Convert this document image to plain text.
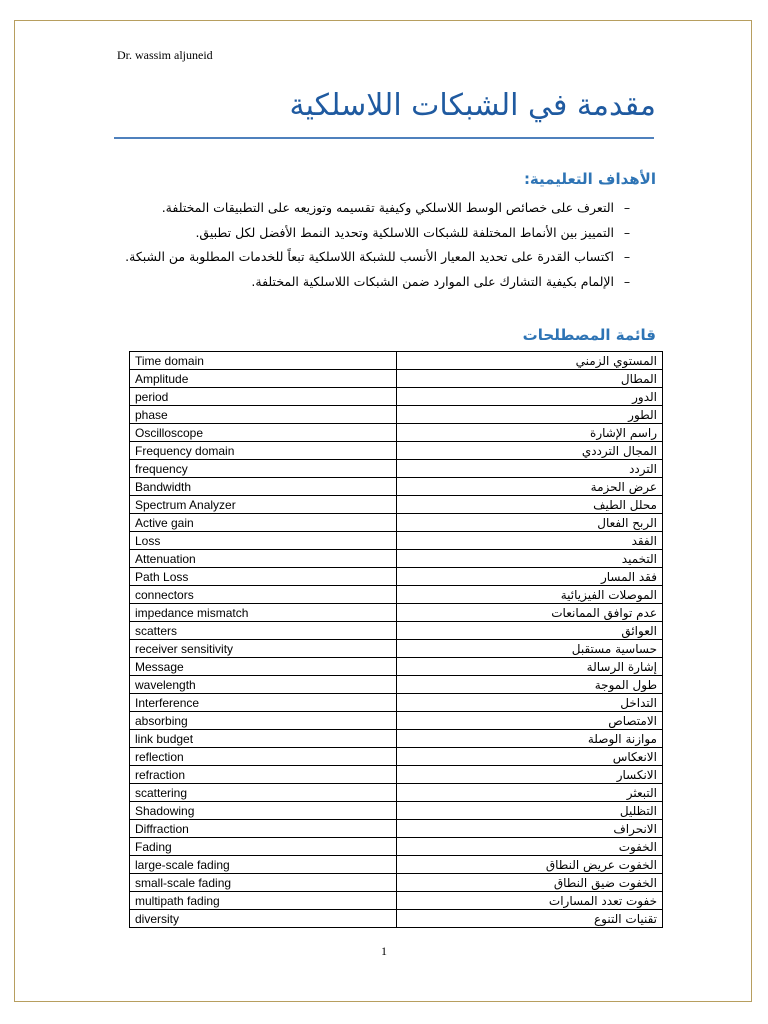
Dr. wassim aljuneid
مقدمة في الشبكات اللاسلكية
الأهداف التعليمية:
–التعرف على خصائص الوسط اللاسلكي وكيفية تقسيمه وتوزيعه على التطبيقات المختلفة.
–التمييز بين الأنماط المختلفة للشبكات اللاسلكية وتحديد النمط الأفضل لكل تطبيق.
–اكتساب القدرة على تحديد المعيار الأنسب للشبكة اللاسلكية تبعاً للخدمات المطلوبة من الشبكة.
–الإلمام بكيفية التشارك على الموارد ضمن الشبكات اللاسلكية المختلفة.
قائمة المصطلحات
Time domain	المستوي الزمني
Amplitude	المطال
period	الدور
phase	الطور
Oscilloscope	راسم الإشارة
Frequency domain	المجال الترددي
frequency	التردد
Bandwidth	عرض الحزمة
Spectrum Analyzer	محلل الطيف
Active gain	الربح الفعال
Loss	الفقد
Attenuation	التخميد
Path Loss	فقد المسار
connectors	الموصلات الفيزيائية
impedance mismatch	عدم توافق الممانعات
scatters	العوائق
receiver sensitivity	حساسية مستقبل
Message	إشارة الرسالة
wavelength	طول الموجة
Interference	التداخل
absorbing	الامتصاص
link budget	موازنة الوصلة
reflection	الانعكاس
refraction	الانكسار
scattering	التبعثر
Shadowing	التظليل
Diffraction	الانحراف
Fading	الخفوت
large-scale fading	الخفوت عريض النطاق
small-scale fading	الخفوت ضيق النطاق
multipath fading	خفوت تعدد المسارات
diversity	تقنيات التنوع
1
